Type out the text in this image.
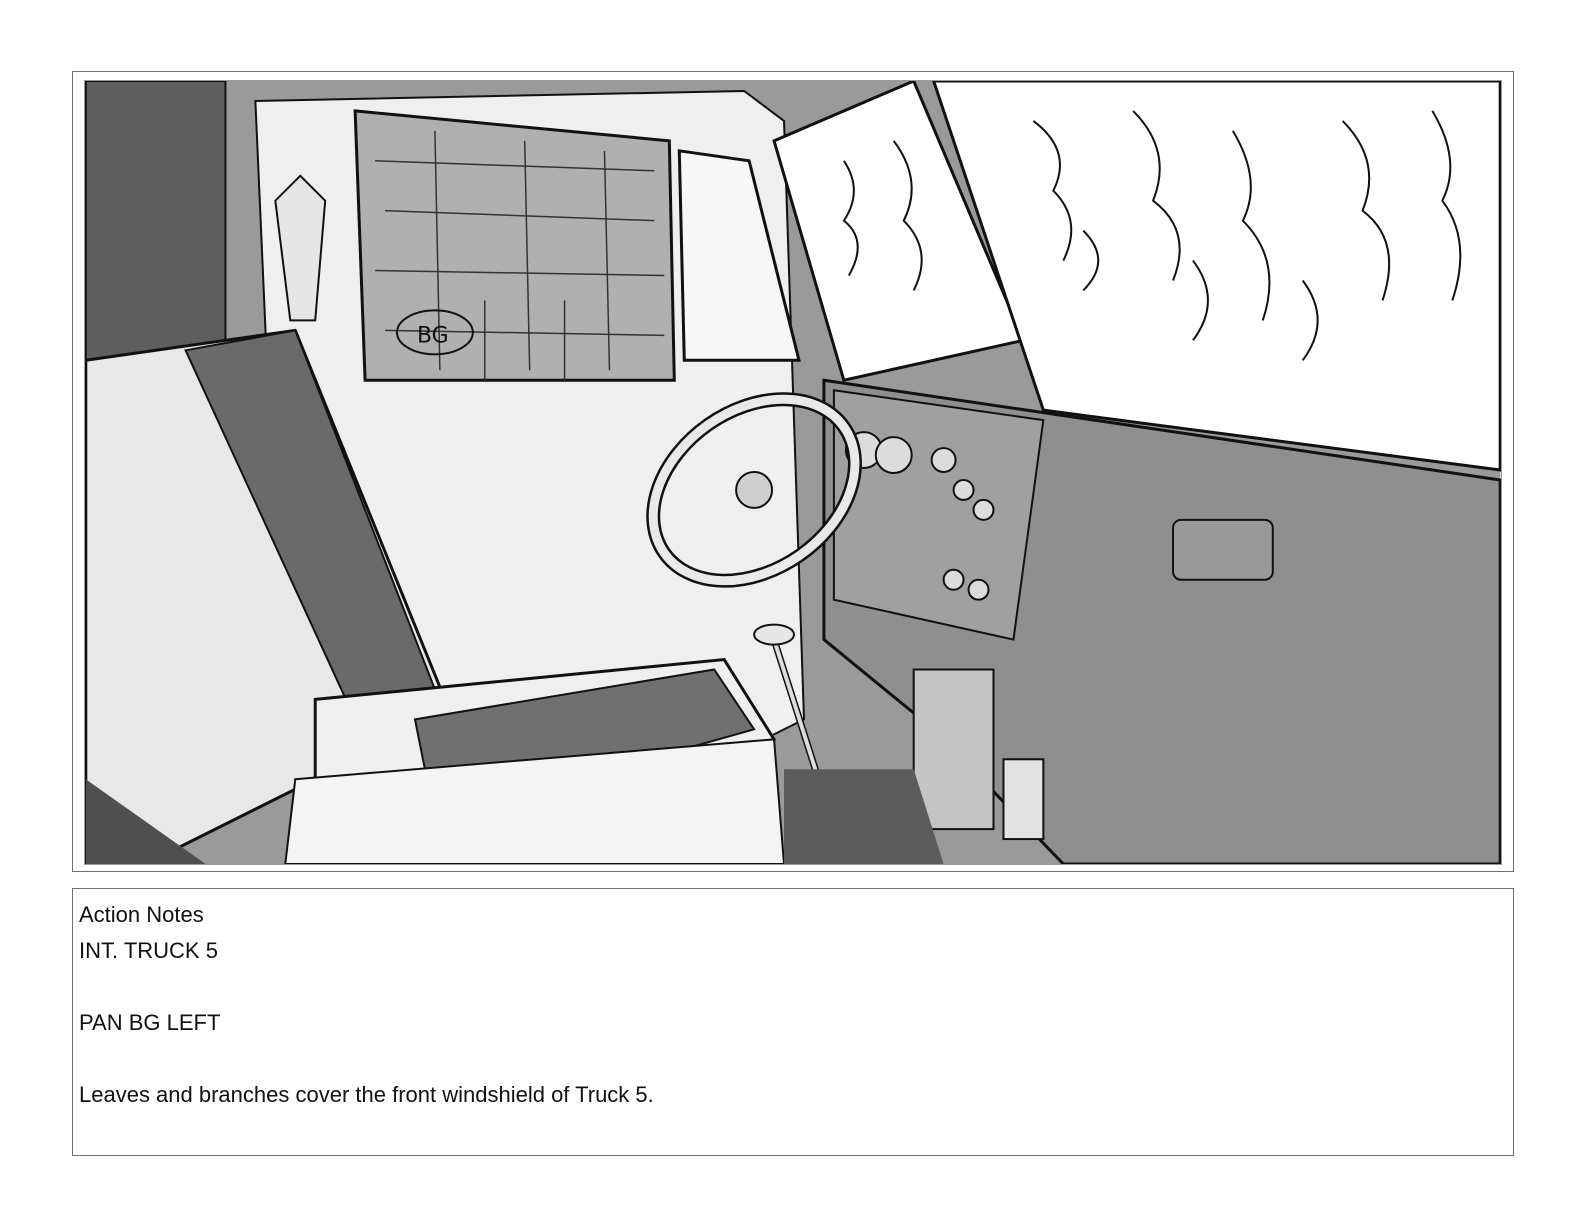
BG
Action Notes
INT. TRUCK 5
PAN BG LEFT
Leaves and branches cover the front windshield of Truck 5.
